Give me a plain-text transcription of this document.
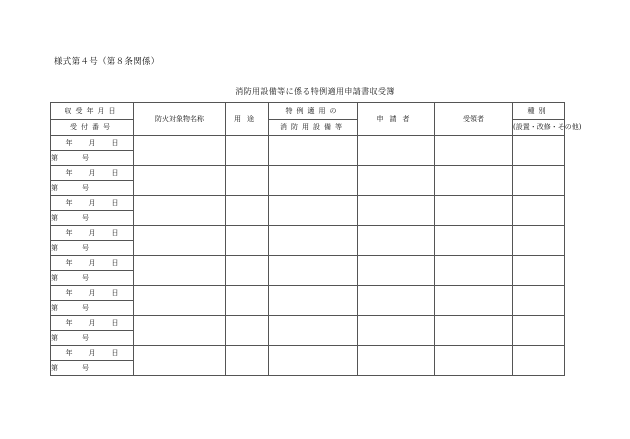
様式第４号（第８条関係）
消防用設備等に係る特例適用申請書収受簿
収受年月日	防火対象物名称	用途	特例適用の	申請者	受領者	種別
受付番号			消防用設備等			(設置・改修・その他)
年 月 日						
第 号						
年 月 日						
第 号						
年 月 日						
第 号						
年 月 日						
第 号						
年 月 日						
第 号						
年 月 日						
第 号						
年 月 日						
第 号						
年 月 日						
第 号						
